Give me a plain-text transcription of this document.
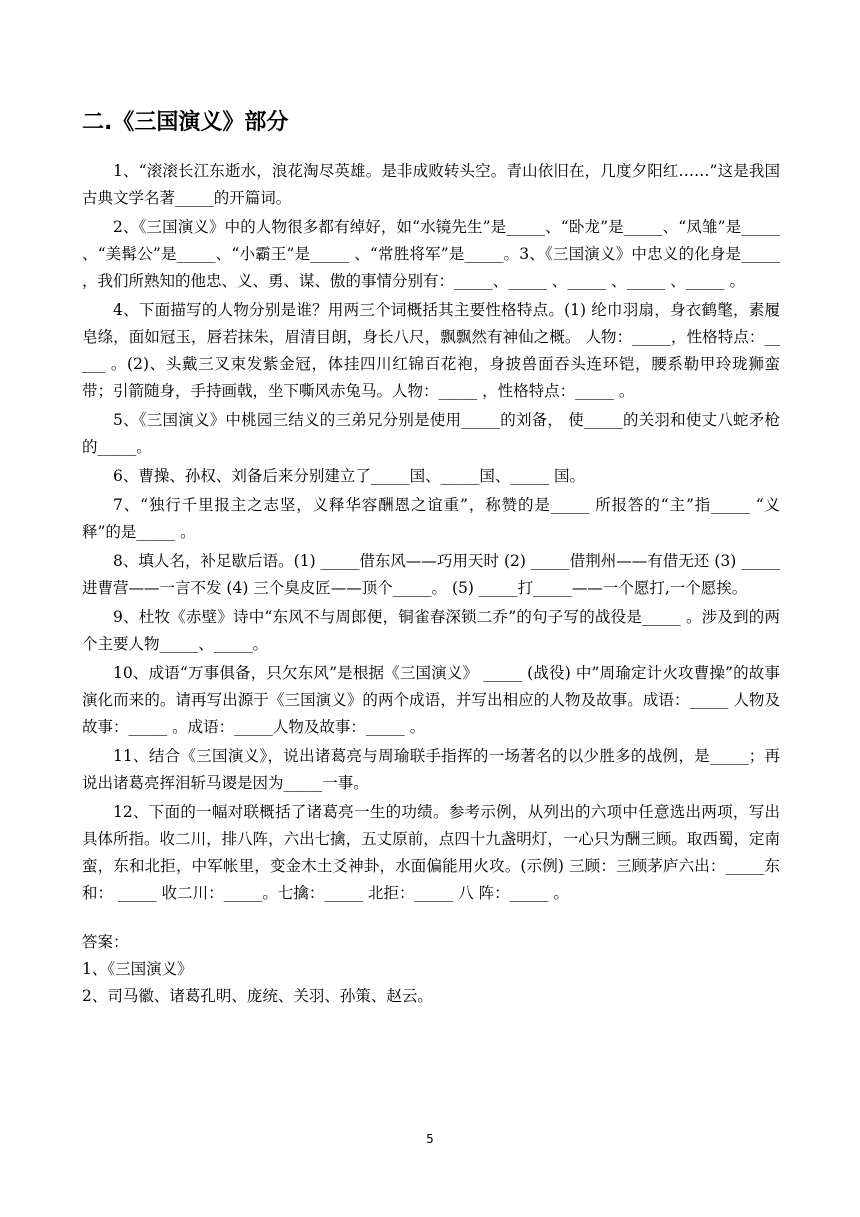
二.《三国演义》部分

1、“滚滚长江东逝水，浪花淘尽英雄。是非成败转头空。青山依旧在，几度夕阳红……”这是我国古典文学名著_____的开篇词。

2、《三国演义》中的人物很多都有绰好，如“水镜先生”是_____、“卧龙”是_____、“凤雏”是_____ 、“美髯公”是_____、“小霸王”是_____ 、“常胜将军”是_____。3、《三国演义》中忠义的化身是_____ ，我们所熟知的他忠、义、勇、谋、傲的事情分别有：_____、_____ 、_____ 、_____ 、_____ 。

4、下面描写的人物分别是谁？用两三个词概括其主要性格特点。(1) 纶巾羽扇，身衣鹤氅，素履皂绦，面如冠玉，唇若抹朱，眉清目朗，身长八尺，飘飘然有神仙之概。 人物：_____，性格特点：_____ 。(2)、头戴三叉束发紫金冠，体挂四川红锦百花袍，身披兽面吞头连环铠，腰系勒甲玲珑狮蛮带；引箭随身，手持画戟，坐下嘶风赤兔马。人物：_____ ，性格特点：_____ 。

5、《三国演义》中桃园三结义的三弟兄分别是使用_____的刘备， 使_____的关羽和使丈八蛇矛枪的_____。

6、曹操、孙权、刘备后来分别建立了_____国、_____国、_____ 国。

7、“独行千里报主之志坚，义释华容酬恩之谊重”，称赞的是_____ 所报答的“主”指_____ “义释”的是_____ 。

8、填人名，补足歇后语。(1) _____借东风——巧用天时 (2) _____借荆州——有借无还 (3) _____进曹营——一言不发 (4) 三个臭皮匠——顶个_____。 (5) _____打_____——一个愿打,一个愿挨。

9、杜牧《赤壁》诗中“东风不与周郎便，铜雀春深锁二乔”的句子写的战役是_____ 。涉及到的两个主要人物_____、_____。

10、成语“万事俱备，只欠东风”是根据《三国演义》 _____ (战役) 中”周瑜定计火攻曹操”的故事演化而来的。请再写出源于《三国演义》的两个成语，并写出相应的人物及故事。成语：_____ 人物及故事：_____ 。成语：_____人物及故事：_____ 。

11、结合《三国演义》，说出诸葛亮与周瑜联手指挥的一场著名的以少胜多的战例，是_____；再说出诸葛亮挥泪斩马谡是因为_____一事。

12、下面的一幅对联概括了诸葛亮一生的功绩。参考示例，从列出的六项中任意选出两项，写出具体所指。收二川，排八阵，六出七擒，五丈原前，点四十九盏明灯，一心只为酬三顾。取西蜀，定南蛮，东和北拒，中军帐里，变金木土爻神卦，水面偏能用火攻。(示例) 三顾：三顾茅庐六出：_____东和： _____ 收二川：_____。七擒：_____ 北拒：_____ 八 阵：_____ 。

答案：
1、《三国演义》
2、司马徽、诸葛孔明、庞统、关羽、孙策、赵云。
5
